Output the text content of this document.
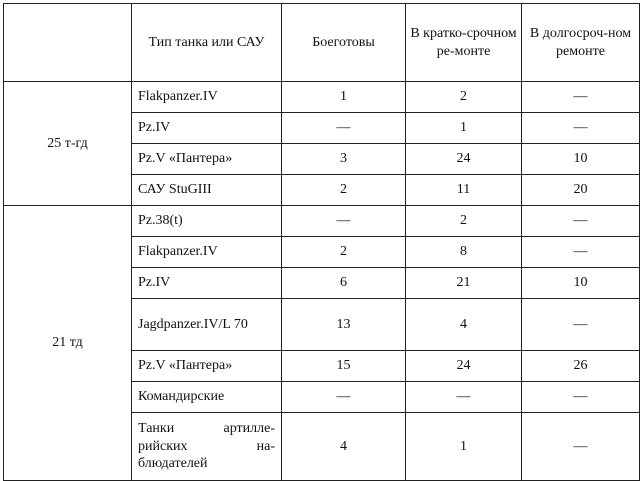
	Тип танка или САУ	Боеготовы	В кратко-срочном ре-монте	В долгосроч-ном ремонте
25 т-гд	Flakpanzer.IV	1	2	—
	Pz.IV	—	1	—
	Pz.V «Пантера»	3	24	10
	САУ StuGIII	2	11	20
21 тд	Pz.38(t)	—	2	—
	Flakpanzer.IV	2	8	—
	Pz.IV	6	21	10
	Jagdpanzer.IV/L 70	13	4	—
	Pz.V «Пантера»	15	24	26
	Командирские	—	—	—
	Танки артилле-рийских на-блюдателей	4	1	—
